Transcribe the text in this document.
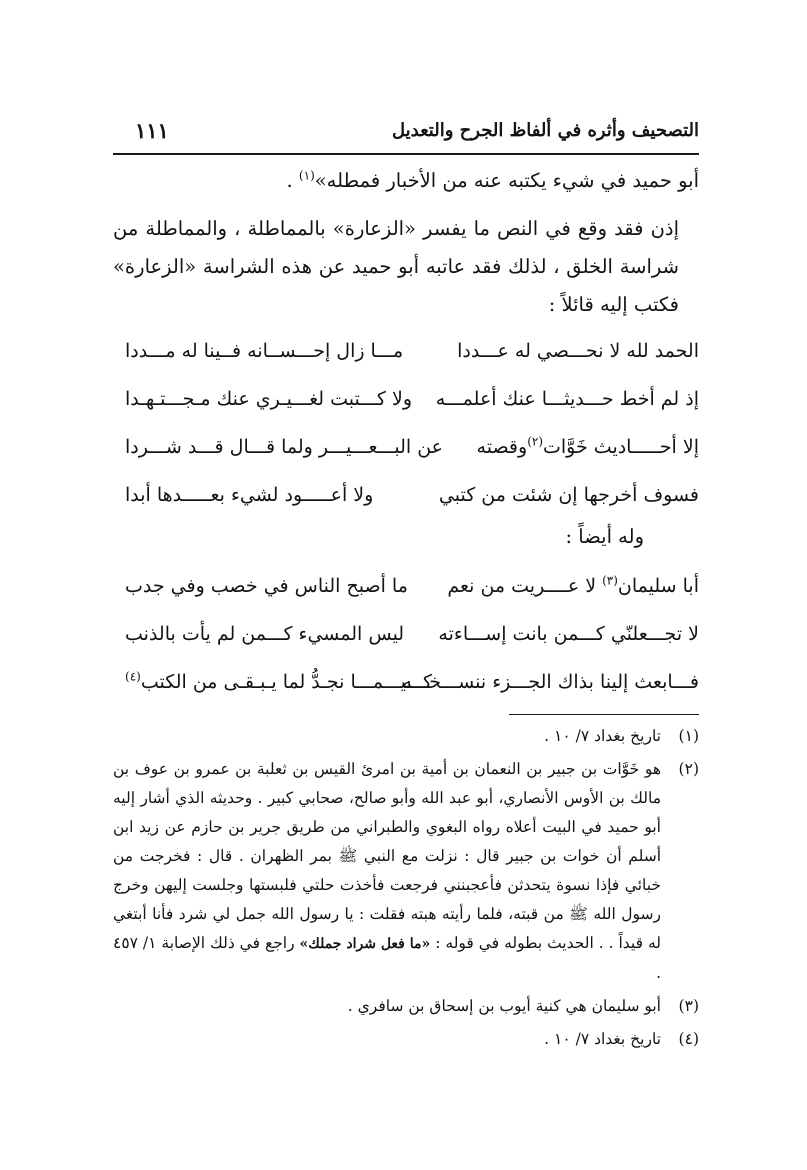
التصحيف وأثره في ألفاظ الجرح والتعديل
١١١

أبو حميد في شيء يكتبه عنه من الأخبار فمطله»$^{(١)}$ .

إذن فقد وقع في النص ما يفسر «الزعارة» بالمماطلة ، والمماطلة من شراسة الخلق ، لذلك فقد عاتبه أبو حميد عن هذه الشراسة «الزعارة» فكتب إليه قائلاً :

الحمد لله لا نحـــصي له عـــددا
مـــا زال إحـــســانه فــينا له مـــددا
إذ لم أخط حـــديثـــا عنك أعلمـــه
ولا كـــتبت لغـــيـري عنك مـجـــتـهـدا
إلا أحـــــاديث خَوَّات$^{(٢)}$وقصته
عن البـــعـــيـــر ولما قـــال قـــد شـــردا
فسوف أخرجها إن شئت من كتبي
ولا أعـــــود لشيء بعـــــدها أبدا
وله أيضاً :
أبا سليمان$^{(٣)}$ لا عــــريت من نعم
ما أصبح الناس في خصب وفي جدب
لا تجـــعلنّي كـــمن بانت إســـاءته
ليس المسيء كـــمن لم يأت بالذنب
فـــابعث إلينا بذاك الجـــزء ننســـخـــه
كـــيـــمـــا نجـدُّ لما يـبـقـى من الكتب$^{(٤)}$
(١)
تاريخ بغداد ٧/ ١٠ .
(٢)
هو خَوَّات بن جبير بن النعمان بن أمية بن امرئ القيس بن ثعلبة بن عمرو بن عوف بن مالك بن الأوس الأنصاري، أبو عبد الله وأبو صالح، صحابي كبير . وحديثه الذي أشار إليه أبو حميد في البيت أعلاه رواه البغوي والطبراني من طريق جرير بن حازم عن زيد ابن أسلم أن خوات بن جبير قال : نزلت مع النبي ﷺ بمر الظهران . قال : فخرجت من خبائي فإذا نسوة يتحدثن فأعجبنني فرجعت فأخذت حلتي فلبستها وجلست إليهن وخرج رسول الله ﷺ من قبته، فلما رأيته هبته فقلت : يا رسول الله جمل لي شرد فأنا أبتغي له قيداً . . الحديث بطوله في قوله : «ما فعل شراد جملك» راجع في ذلك الإصابة ١/ ٤٥٧ .
(٣)
أبو سليمان هي كنية أيوب بن إسحاق بن سافري .
(٤)
تاريخ بغداد ٧/ ١٠ .
